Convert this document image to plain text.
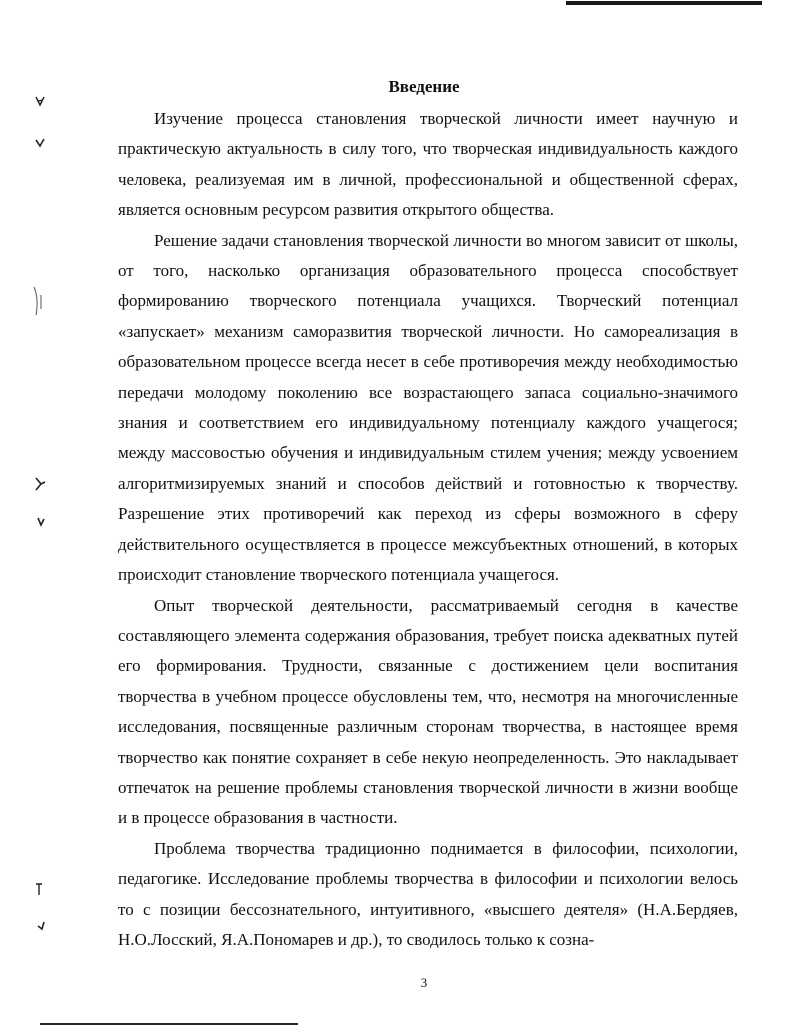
Введение

Изучение процесса становления творческой личности имеет научную и практическую актуальность в силу того, что творческая индивидуальность каждого человека, реализуемая им в личной, профессиональной и общественной сферах, является основным ресурсом развития открытого общества.

Решение задачи становления творческой личности во многом зависит от школы, от того, насколько организация образовательного процесса способствует формированию творческого потенциала учащихся. Творческий потенциал «запускает» механизм саморазвития творческой личности. Но самореализация в образовательном процессе всегда несет в себе противоречия между необходимостью передачи молодому поколению все возрастающего запаса социально-значимого знания и соответствием его индивидуальному потенциалу каждого учащегося; между массовостью обучения и индивидуальным стилем учения; между усвоением алгоритмизируемых знаний и способов действий и готовностью к творчеству. Разрешение этих противоречий как переход из сферы возможного в сферу действительного осуществляется в процессе межсубъектных отношений, в которых происходит становление творческого потенциала учащегося.

Опыт творческой деятельности, рассматриваемый сегодня в качестве составляющего элемента содержания образования, требует поиска адекватных путей его формирования. Трудности, связанные с достижением цели воспитания творчества в учебном процессе обусловлены тем, что, несмотря на многочисленные исследования, посвященные различным сторонам творчества, в настоящее время творчество как понятие сохраняет в себе некую неопределенность. Это накладывает отпечаток на решение проблемы становления творческой личности в жизни вообще и в процессе образования в частности.

Проблема творчества традиционно поднимается в философии, психологии, педагогике. Исследование проблемы творчества в философии и психологии велось то с позиции бессознательного, интуитивного, «высшего деятеля» (Н.А.Бердяев, Н.О.Лосский, Я.А.Пономарев и др.), то сводилось только к созна-

3
